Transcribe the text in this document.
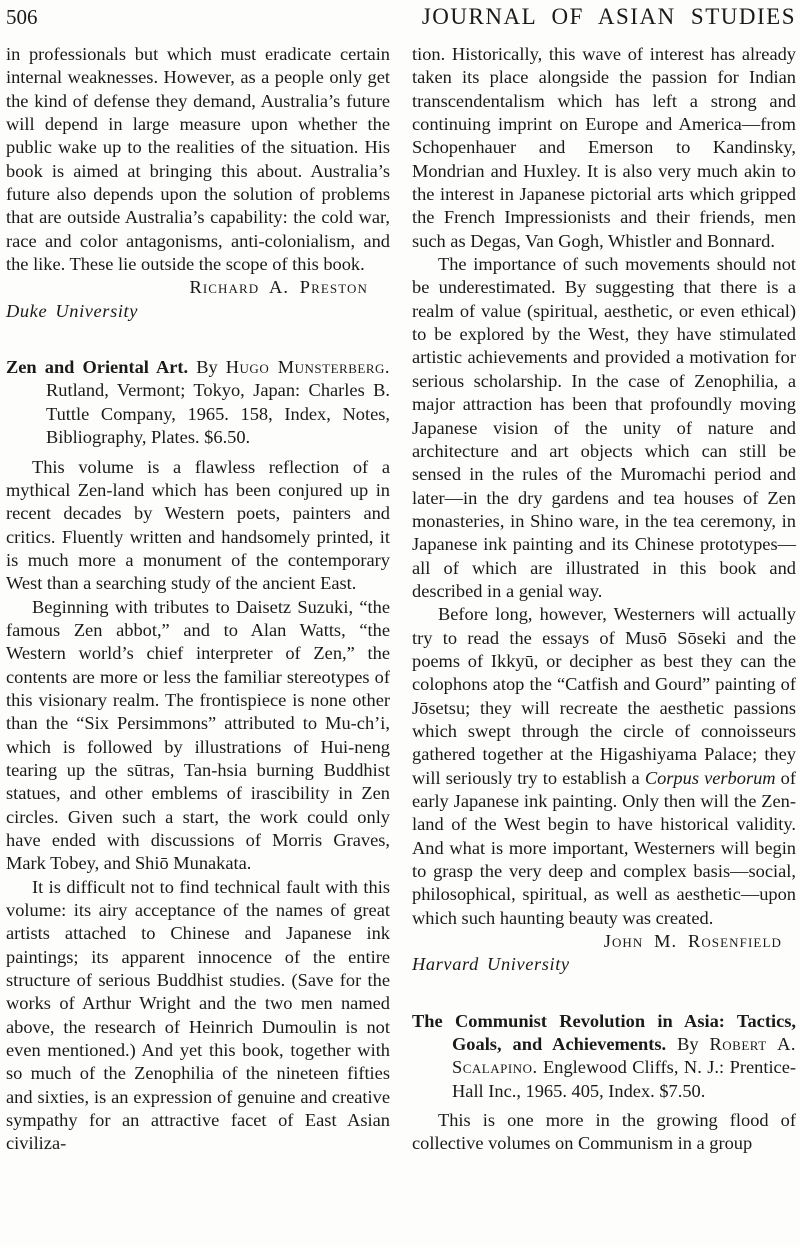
506	JOURNAL OF ASIAN STUDIES

in professionals but which must eradicate certain internal weaknesses. However, as a people only get the kind of defense they demand, Australia’s future will depend in large measure upon whether the public wake up to the realities of the situation. His book is aimed at bringing this about. Australia’s future also depends upon the solution of problems that are outside Australia’s capability: the cold war, race and color antagonisms, anti-colonialism, and the like. These lie outside the scope of this book.

Richard A. Preston

Duke University

Zen and Oriental Art. By Hugo Munsterberg. Rutland, Vermont; Tokyo, Japan: Charles B. Tuttle Company, 1965. 158, Index, Notes, Bibliography, Plates. $6.50.

This volume is a flawless reflection of a mythical Zen-land which has been conjured up in recent decades by Western poets, painters and critics. Fluently written and handsomely printed, it is much more a monument of the contemporary West than a searching study of the ancient East.

Beginning with tributes to Daisetz Suzuki, “the famous Zen abbot,” and to Alan Watts, “the Western world’s chief interpreter of Zen,” the contents are more or less the familiar stereotypes of this visionary realm. The frontispiece is none other than the “Six Persimmons” attributed to Mu-ch’i, which is followed by illustrations of Hui-neng tearing up the sūtras, Tan-hsia burning Buddhist statues, and other emblems of irascibility in Zen circles. Given such a start, the work could only have ended with discussions of Morris Graves, Mark Tobey, and Shiō Munakata.

It is difficult not to find technical fault with this volume: its airy acceptance of the names of great artists attached to Chinese and Japanese ink paintings; its apparent innocence of the entire structure of serious Buddhist studies. (Save for the works of Arthur Wright and the two men named above, the research of Heinrich Dumoulin is not even mentioned.) And yet this book, together with so much of the Zenophilia of the nineteen fifties and sixties, is an expression of genuine and creative sympathy for an attractive facet of East Asian civiliza-

tion. Historically, this wave of interest has already taken its place alongside the passion for Indian transcendentalism which has left a strong and continuing imprint on Europe and America—from Schopenhauer and Emerson to Kandinsky, Mondrian and Huxley. It is also very much akin to the interest in Japanese pictorial arts which gripped the French Impressionists and their friends, men such as Degas, Van Gogh, Whistler and Bonnard.

The importance of such movements should not be underestimated. By suggesting that there is a realm of value (spiritual, aesthetic, or even ethical) to be explored by the West, they have stimulated artistic achievements and provided a motivation for serious scholarship. In the case of Zenophilia, a major attraction has been that profoundly moving Japanese vision of the unity of nature and architecture and art objects which can still be sensed in the rules of the Muromachi period and later—in the dry gardens and tea houses of Zen monasteries, in Shino ware, in the tea ceremony, in Japanese ink painting and its Chinese prototypes—all of which are illustrated in this book and described in a genial way.

Before long, however, Westerners will actually try to read the essays of Musō Sōseki and the poems of Ikkyū, or decipher as best they can the colophons atop the “Catfish and Gourd” painting of Jōsetsu; they will recreate the aesthetic passions which swept through the circle of connoisseurs gathered together at the Higashiyama Palace; they will seriously try to establish a Corpus verborum of early Japanese ink painting. Only then will the Zen-land of the West begin to have historical validity. And what is more important, Westerners will begin to grasp the very deep and complex basis—social, philosophical, spiritual, as well as aesthetic—upon which such haunting beauty was created.

John M. Rosenfield

Harvard University

The Communist Revolution in Asia: Tactics, Goals, and Achievements. By Robert A. Scalapino. Englewood Cliffs, N. J.: Prentice-Hall Inc., 1965. 405, Index. $7.50.

This is one more in the growing flood of collective volumes on Communism in a group
